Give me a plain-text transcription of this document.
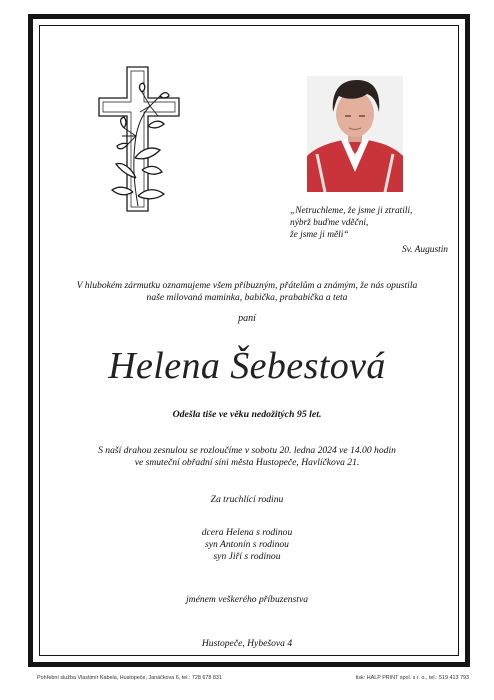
„Netruchleme, že jsme ji ztratili,
nýbrž buďme vděčni,
že jsme ji měli“
Sv. Augustin
V hlubokém zármutku oznamujeme všem příbuzným, přátelům a známým, že nás opustila
naše milovaná maminka, babička, prababička a teta
paní
Helena Šebestová
Odešla tiše ve věku nedožitých 95 let.
S naší drahou zesnulou se rozloučíme v sobotu 20. ledna 2024 ve 14.00 hodin
ve smuteční obřadní síni města Hustopeče, Havlíčkova 21.
Za truchlící rodinu
dcera Helena s rodinou
syn Antonín s rodinou
syn Jiří s rodinou
jménem veškerého příbuzenstva
Hustopeče, Hybešova 4
Pohřební služba Vlastimír Kabela, Hustopeče, Janáčkova 6, tel.: 728 678 831	tisk: HALP PRINT spol. s r. o., tel.: 519 413 793
